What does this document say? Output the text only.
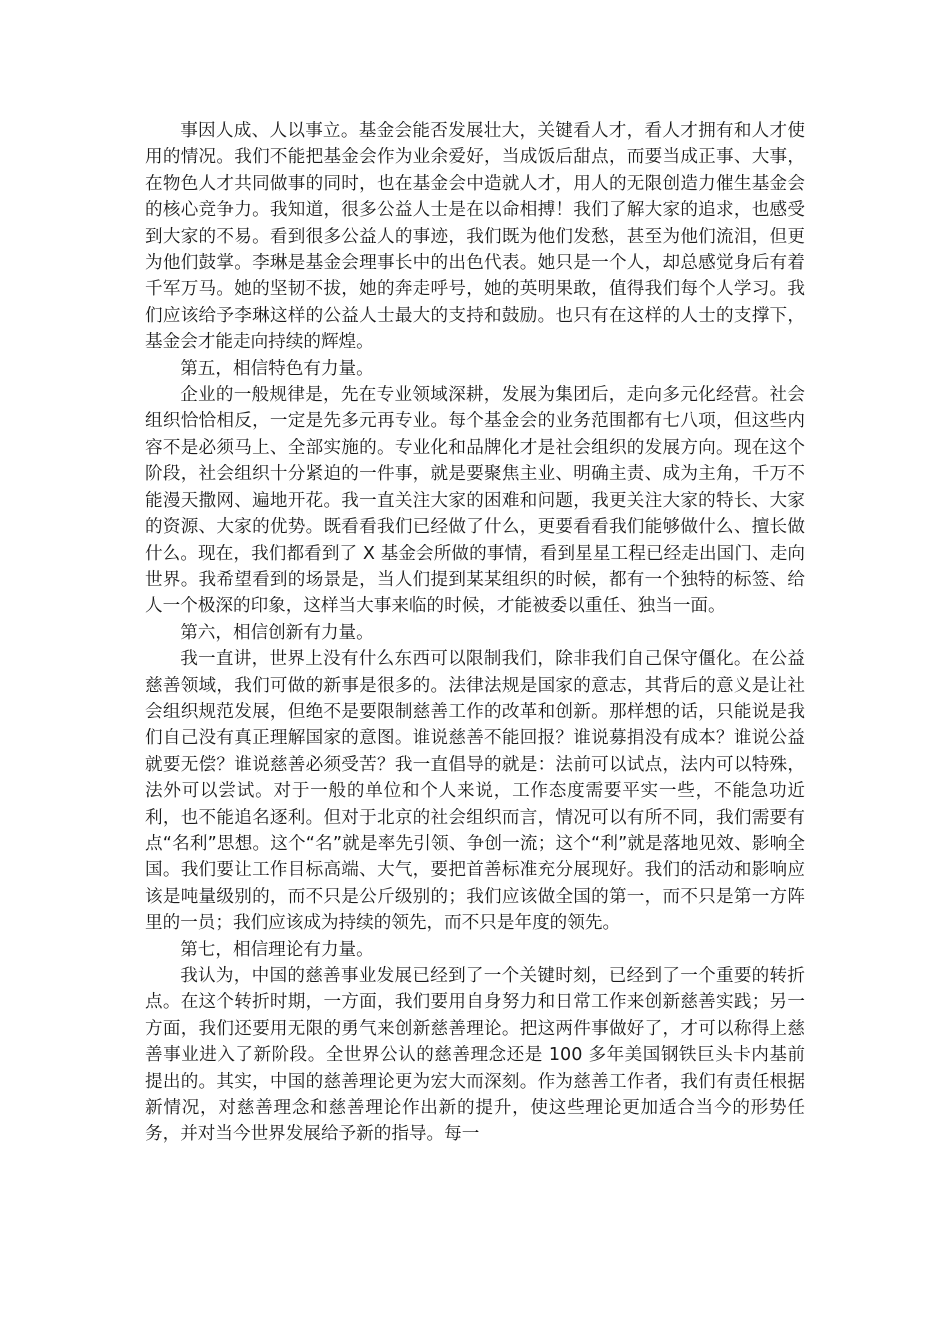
事因人成、人以事立。基金会能否发展壮大，关键看人才，看人才拥有和人才使用的情况。我们不能把基金会作为业余爱好，当成饭后甜点，而要当成正事、大事，在物色人才共同做事的同时，也在基金会中造就人才，用人的无限创造力催生基金会的核心竞争力。我知道，很多公益人士是在以命相搏！我们了解大家的追求，也感受到大家的不易。看到很多公益人的事迹，我们既为他们发愁，甚至为他们流泪，但更为他们鼓掌。李琳是基金会理事长中的出色代表。她只是一个人，却总感觉身后有着千军万马。她的坚韧不拔，她的奔走呼号，她的英明果敢，值得我们每个人学习。我们应该给予李琳这样的公益人士最大的支持和鼓励。也只有在这样的人士的支撑下，基金会才能走向持续的辉煌。

第五，相信特色有力量。

企业的一般规律是，先在专业领域深耕，发展为集团后，走向多元化经营。社会组织恰恰相反，一定是先多元再专业。每个基金会的业务范围都有七八项，但这些内容不是必须马上、全部实施的。专业化和品牌化才是社会组织的发展方向。现在这个阶段，社会组织十分紧迫的一件事，就是要聚焦主业、明确主责、成为主角，千万不能漫天撒网、遍地开花。我一直关注大家的困难和问题，我更关注大家的特长、大家的资源、大家的优势。既看看我们已经做了什么，更要看看我们能够做什么、擅长做什么。现在，我们都看到了 X 基金会所做的事情，看到星星工程已经走出国门、走向世界。我希望看到的场景是，当人们提到某某组织的时候，都有一个独特的标签、给人一个极深的印象，这样当大事来临的时候，才能被委以重任、独当一面。

第六，相信创新有力量。

我一直讲，世界上没有什么东西可以限制我们，除非我们自己保守僵化。在公益慈善领域，我们可做的新事是很多的。法律法规是国家的意志，其背后的意义是让社会组织规范发展，但绝不是要限制慈善工作的改革和创新。那样想的话，只能说是我们自己没有真正理解国家的意图。谁说慈善不能回报？谁说募捐没有成本？谁说公益就要无偿？谁说慈善必须受苦？我一直倡导的就是：法前可以试点，法内可以特殊，法外可以尝试。对于一般的单位和个人来说，工作态度需要平实一些，不能急功近利，也不能追名逐利。但对于北京的社会组织而言，情况可以有所不同，我们需要有点“名利”思想。这个“名”就是率先引领、争创一流；这个“利”就是落地见效、影响全国。我们要让工作目标高端、大气，要把首善标准充分展现好。我们的活动和影响应该是吨量级别的，而不只是公斤级别的；我们应该做全国的第一，而不只是第一方阵里的一员；我们应该成为持续的领先，而不只是年度的领先。

第七，相信理论有力量。

我认为，中国的慈善事业发展已经到了一个关键时刻，已经到了一个重要的转折点。在这个转折时期，一方面，我们要用自身努力和日常工作来创新慈善实践；另一方面，我们还要用无限的勇气来创新慈善理论。把这两件事做好了，才可以称得上慈善事业进入了新阶段。全世界公认的慈善理念还是 100 多年美国钢铁巨头卡内基前提出的。其实，中国的慈善理论更为宏大而深刻。作为慈善工作者，我们有责任根据新情况，对慈善理念和慈善理论作出新的提升，使这些理论更加适合当今的形势任务，并对当今世界发展给予新的指导。每一
